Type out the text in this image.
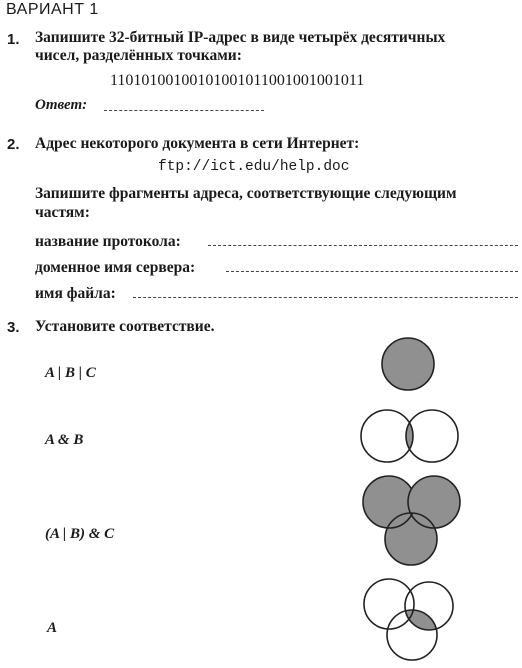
ВАРИАНТ 1
1. Запишите 32-битный IP-адрес в виде четырёх десятичных
чисел, разделённых точками:
11010100100101001011001001001011
Ответ:
2. Адрес некоторого документа в сети Интернет:
ftp://ict.edu/help.doc
Запишите фрагменты адреса, соответствующие следующим
частям:
название протокола:
доменное имя сервера:
имя файла:
3. Установите соответствие.
A | B | C
A & B
(A | B) & C
A
